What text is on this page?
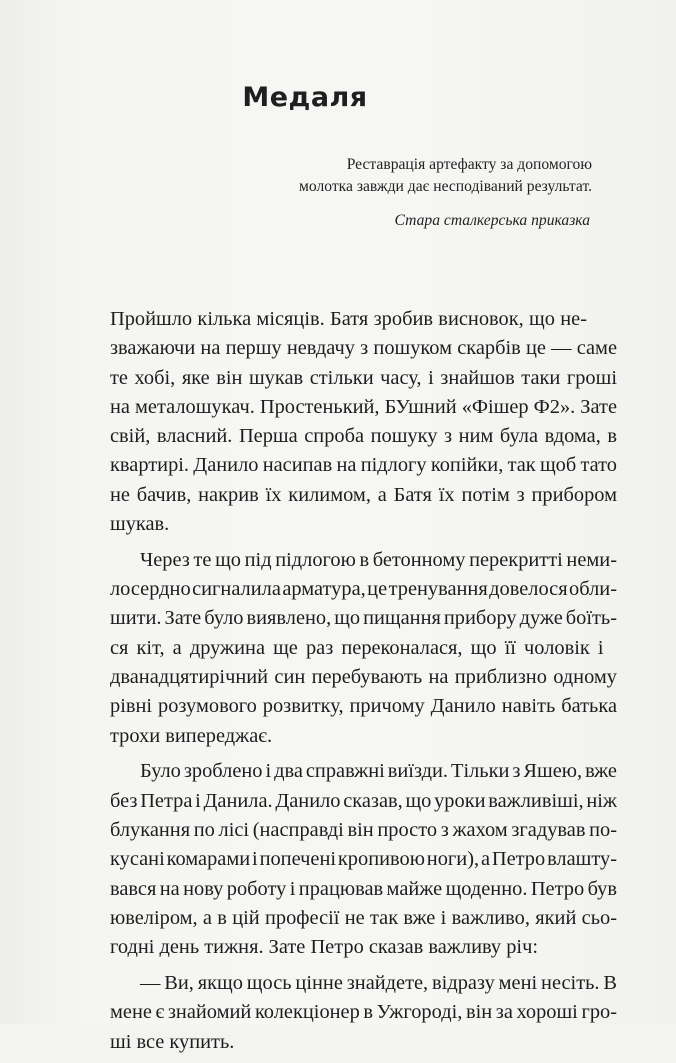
Медаля
Реставрація артефакту за допомогою
молотка завжди дає несподіваний результат.
Стара сталкерська приказка

Пройшло кілька місяців. Батя зробив висновок, що не-
зважаючи на першу невдачу з пошуком скарбів це — саме
те хобі, яке він шукав стільки часу, і знайшов таки гроші
на металошукач. Простенький, БУшний «Фішер Ф2». Зате
свій, власний. Перша спроба пошуку з ним була вдома, в
квартирі. Данило насипав на підлогу копійки, так щоб тато
не бачив, накрив їх килимом, а Батя їх потім з прибором
шукав.

Через те що під підлогою в бетонному перекритті неми-
лосердно сигналила арматура, це тренування довелося обли-
шити. Зате було виявлено, що пищання прибору дуже боїть-
ся кіт, а дружина ще раз переконалася, що її чоловік і
дванадцятирічний син перебувають на приблизно одному
рівні розумового розвитку, причому Данило навіть батька
трохи випереджає.

Було зроблено і два справжні виїзди. Тільки з Яшею, вже
без Петра і Данила. Данило сказав, що уроки важливіші, ніж
блукання по лісі (насправді він просто з жахом згадував по-
кусані комарами і попечені кропивою ноги), а Петро влашту-
вався на нову роботу і працював майже щоденно. Петро був
ювеліром, а в цій професії не так вже і важливо, який сьо-
годні день тижня. Зате Петро сказав важливу річ:

— Ви, якщо щось цінне знайдете, відразу мені несіть. В
мене є знайомий колекціонер в Ужгороді, він за хороші гро-
ші все купить.
